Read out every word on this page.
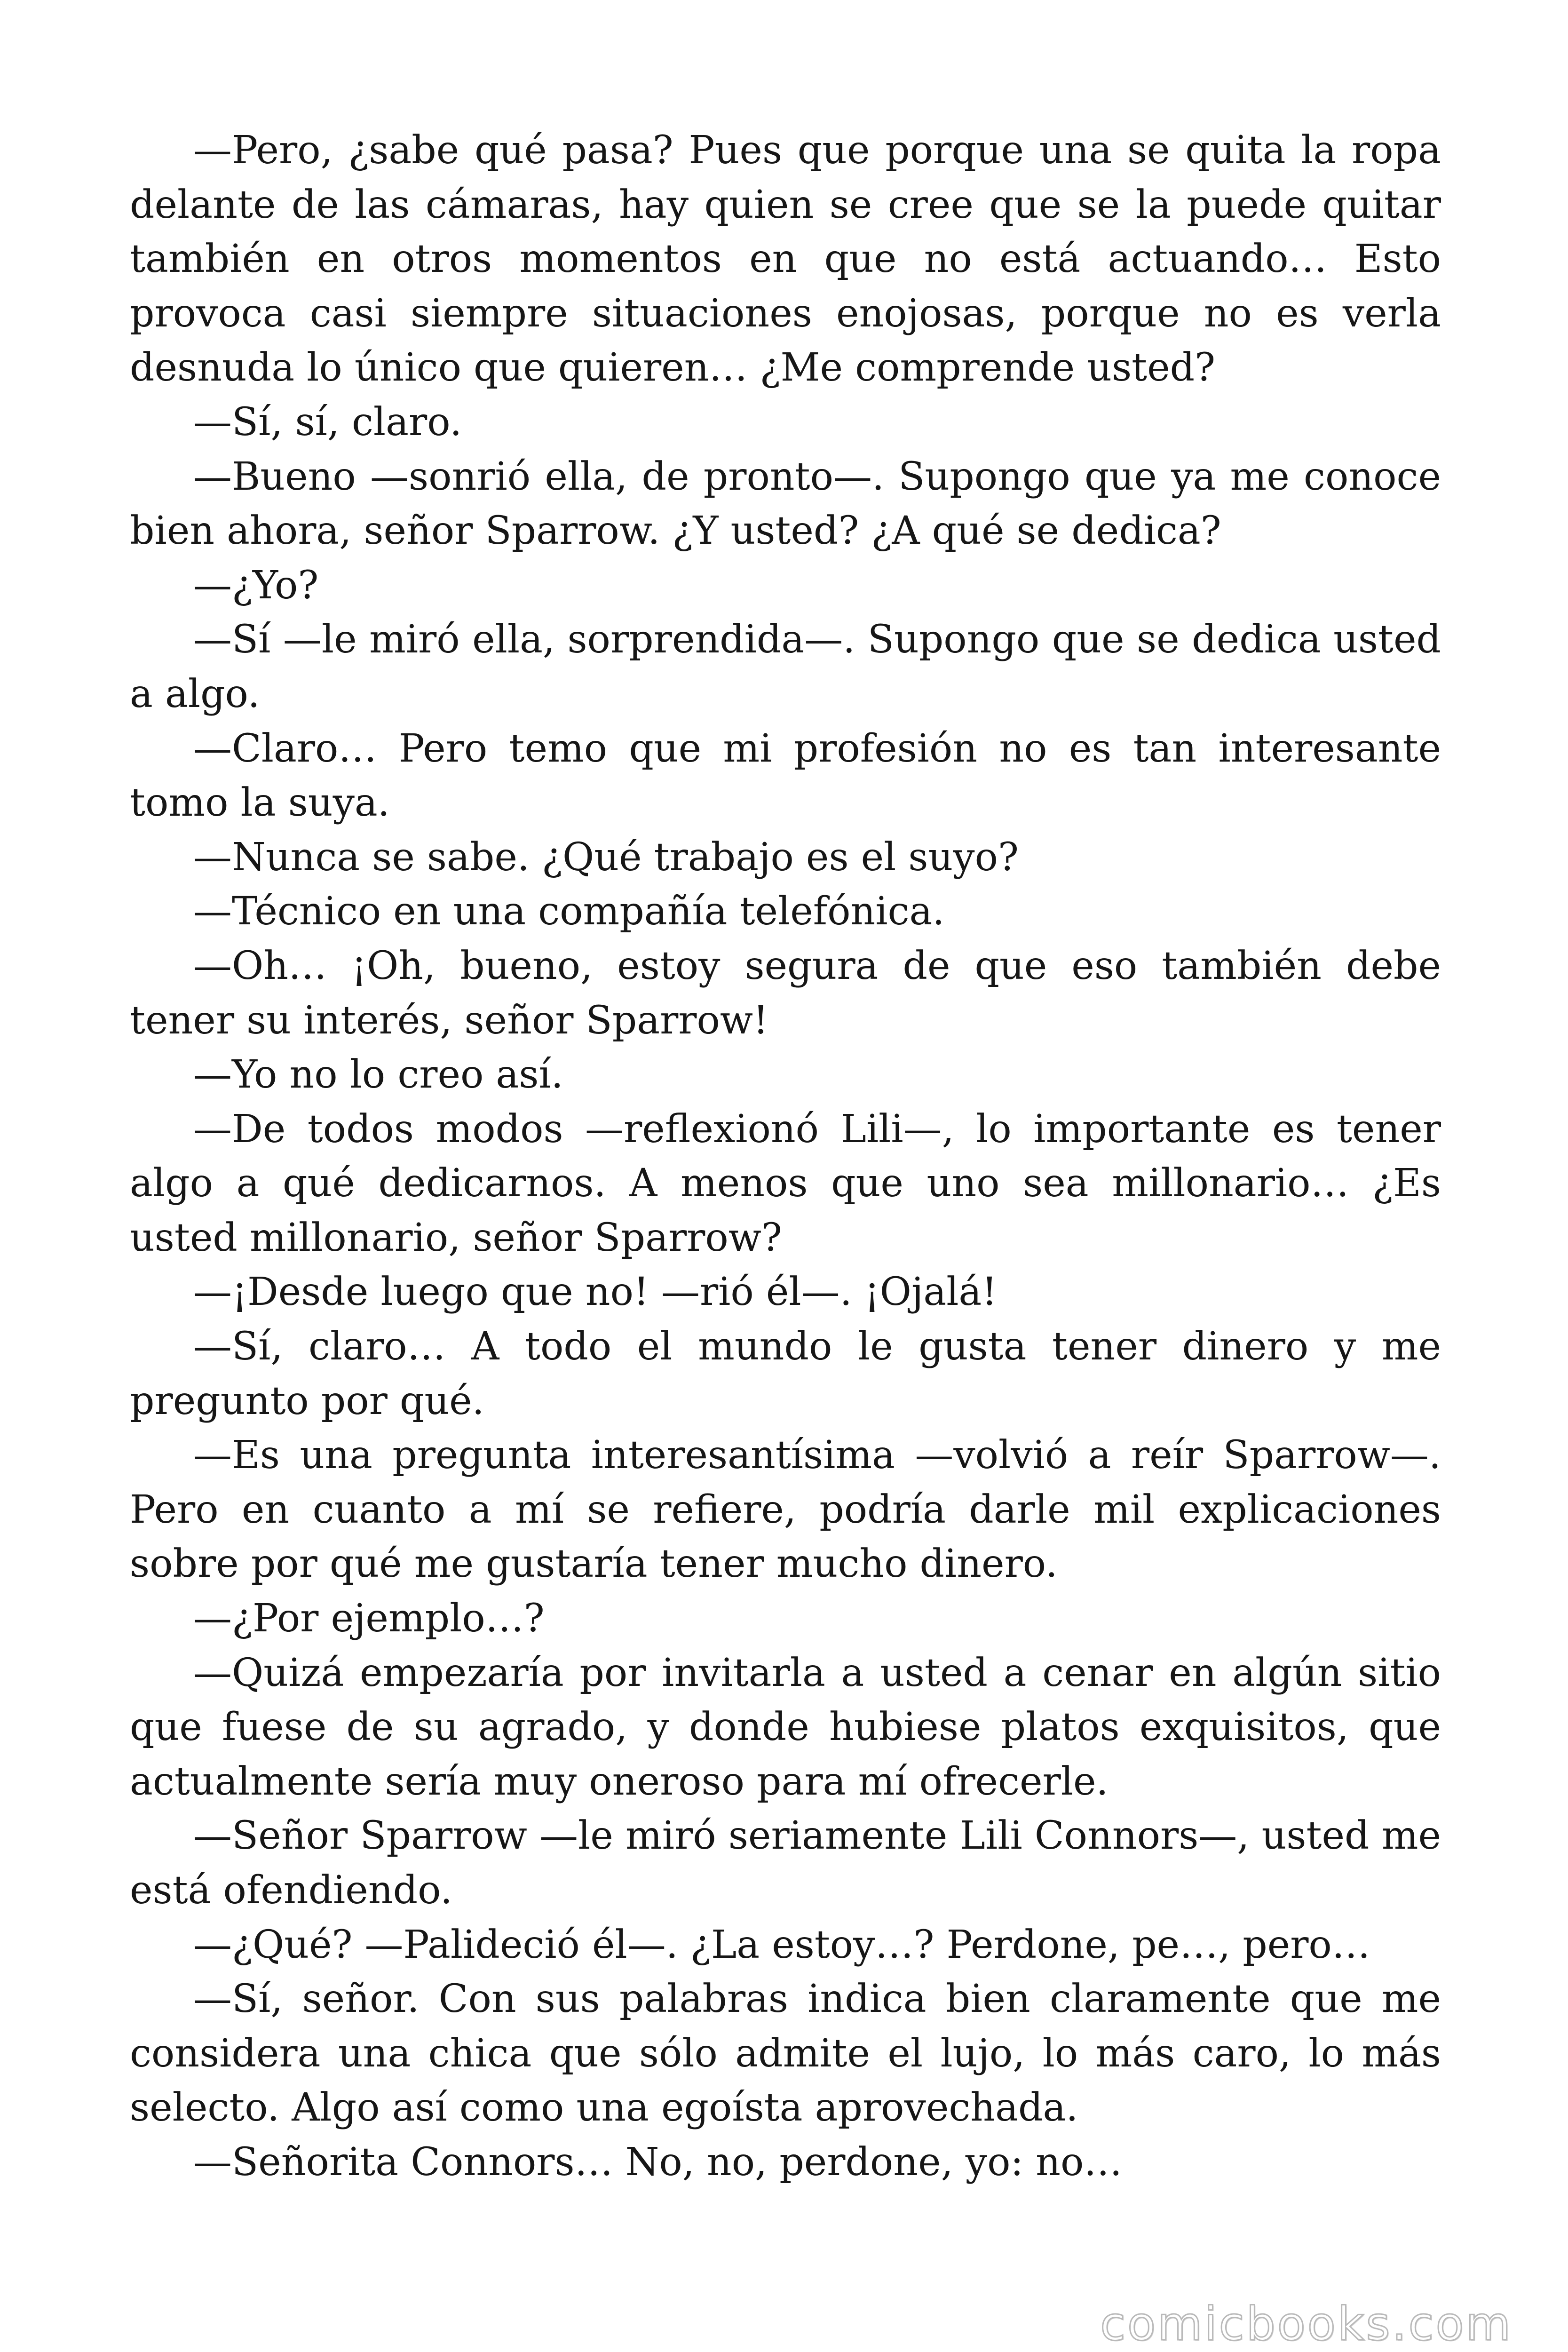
—Pero, ¿sabe qué pasa? Pues que porque una se quita la ropa delante de las cámaras, hay quien se cree que se la puede quitar también en otros momentos en que no está actuando… Esto provoca casi siempre situaciones enojosas, porque no es verla desnuda lo único que quieren… ¿Me comprende usted?

—Sí, sí, claro.

—Bueno —sonrió ella, de pronto—. Supongo que ya me conoce bien ahora, señor Sparrow. ¿Y usted? ¿A qué se dedica?

—¿Yo?

—Sí —le miró ella, sorprendida—. Supongo que se dedica usted a algo.

—Claro… Pero temo que mi profesión no es tan interesante tomo la suya.

—Nunca se sabe. ¿Qué trabajo es el suyo?

—Técnico en una compañía telefónica.

—Oh… ¡Oh, bueno, estoy segura de que eso también debe tener su interés, señor Sparrow!

—Yo no lo creo así.

—De todos modos —reflexionó Lili—, lo importante es tener algo a qué dedicarnos. A menos que uno sea millonario… ¿Es usted millonario, señor Sparrow?

—¡Desde luego que no! —rió él—. ¡Ojalá!

—Sí, claro… A todo el mundo le gusta tener dinero y me pregunto por qué.

—Es una pregunta interesantísima —volvió a reír Sparrow—. Pero en cuanto a mí se refiere, podría darle mil explicaciones sobre por qué me gustaría tener mucho dinero.

—¿Por ejemplo…?

—Quizá empezaría por invitarla a usted a cenar en algún sitio que fuese de su agrado, y donde hubiese platos exquisitos, que actualmente sería muy oneroso para mí ofrecerle.

—Señor Sparrow —le miró seriamente Lili Connors—, usted me está ofendiendo.

—¿Qué? —Palideció él—. ¿La estoy…? Perdone, pe…, pero…

—Sí, señor. Con sus palabras indica bien claramente que me considera una chica que sólo admite el lujo, lo más caro, lo más selecto. Algo así como una egoísta aprovechada.

—Señorita Connors… No, no, perdone, yo: no…

comicbooks.com
